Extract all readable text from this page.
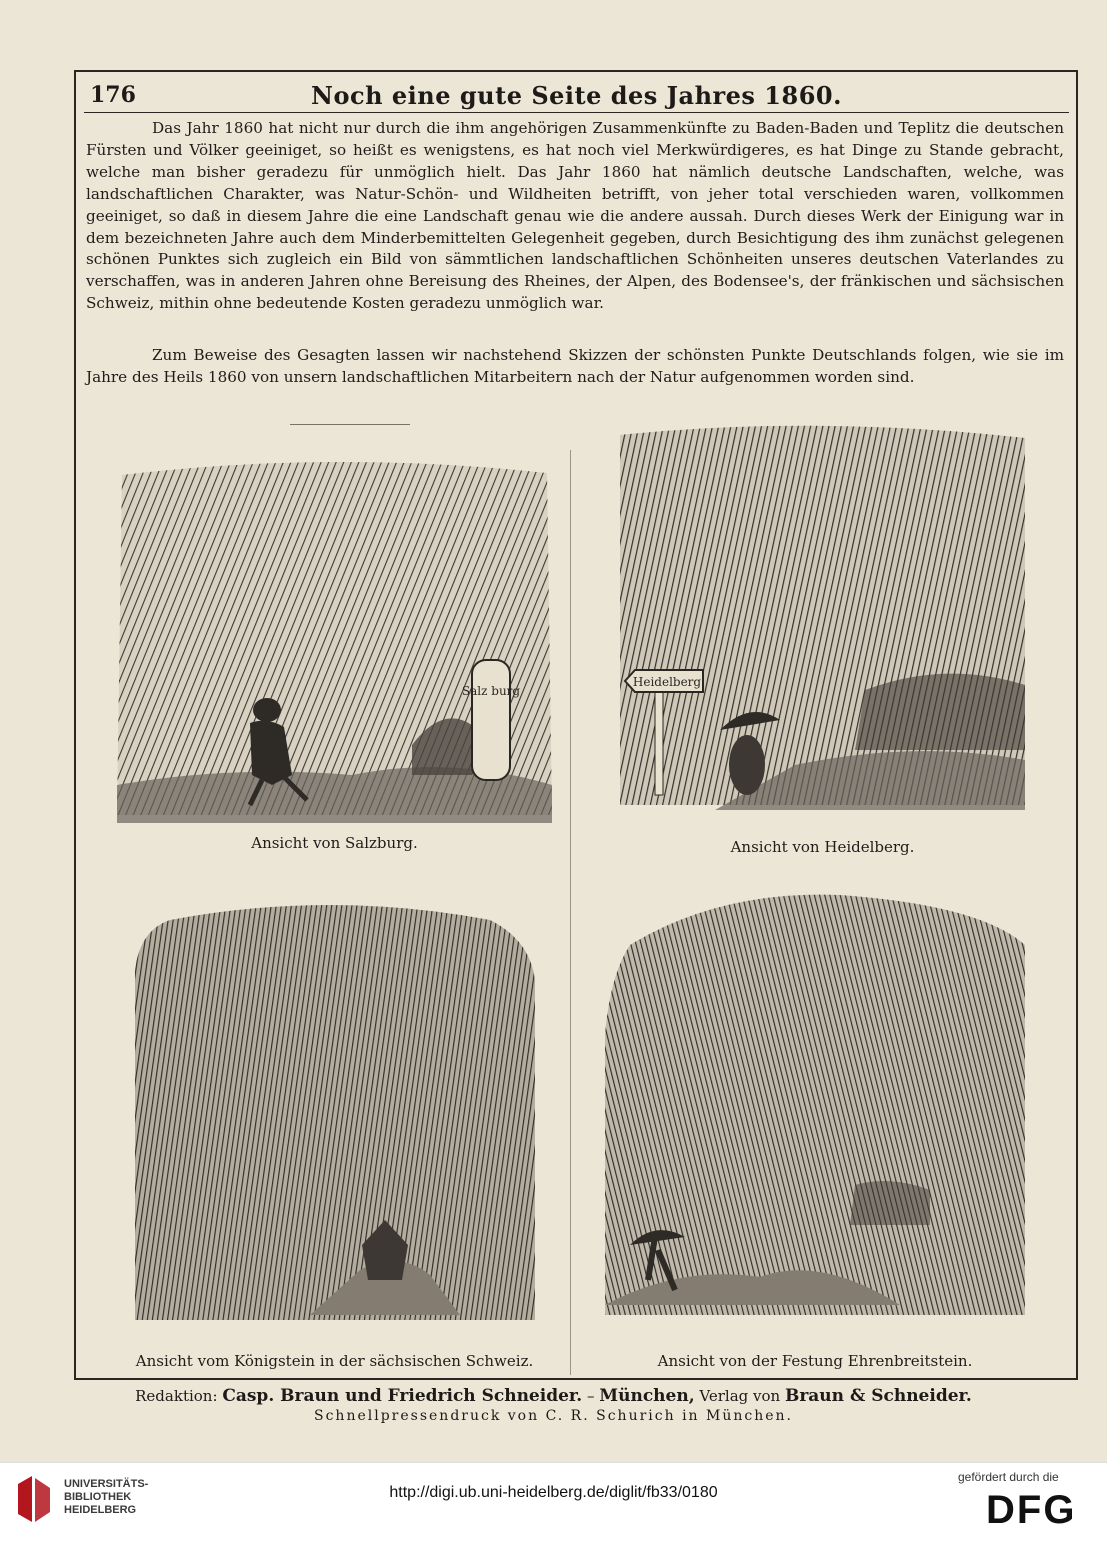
176	Noch eine gute Seite des Jahres 1860.
Das Jahr 1860 hat nicht nur durch die ihm angehörigen Zusammenkünfte zu Baden-Baden und Teplitz die deutschen Fürsten und Völker geeiniget, so heißt es wenigstens, es hat noch viel Merkwürdigeres, es hat Dinge zu Stande gebracht, welche man bisher geradezu für unmöglich hielt. Das Jahr 1860 hat nämlich deutsche Landschaften, welche, was landschaftlichen Charakter, was Natur-Schön- und Wildheiten betrifft, von jeher total verschieden waren, vollkommen geeiniget, so daß in diesem Jahre die eine Landschaft genau wie die andere aussah. Durch dieses Werk der Einigung war in dem bezeichneten Jahre auch dem Minderbemittelten Gelegenheit gegeben, durch Besichtigung des ihm zunächst gelegenen schönen Punktes sich zugleich ein Bild von sämmtlichen landschaftlichen Schönheiten unseres deutschen Vaterlandes zu verschaffen, was in anderen Jahren ohne Bereisung des Rheines, der Alpen, des Bodensee's, der fränkischen und sächsischen Schweiz, mithin ohne bedeutende Kosten geradezu unmöglich war.
Zum Beweise des Gesagten lassen wir nachstehend Skizzen der schönsten Punkte Deutschlands folgen, wie sie im Jahre des Heils 1860 von unsern landschaftlichen Mitarbeitern nach der Natur aufgenommen worden sind.
Salz burg
Ansicht von Salzburg.
Heidelberg
Ansicht von Heidelberg.
Ansicht vom Königstein in der sächsischen Schweiz.	Ansicht von der Festung Ehrenbreitstein.
Redaktion: Casp. Braun und Friedrich Schneider. – München, Verlag von Braun & Schneider.
Schnellpressendruck von C. R. Schurich in München.
UNIVERSITÄTS-
BIBLIOTHEK
HEIDELBERG
http://digi.ub.uni-heidelberg.de/diglit/fb33/0180
gefördert durch die
DFG
